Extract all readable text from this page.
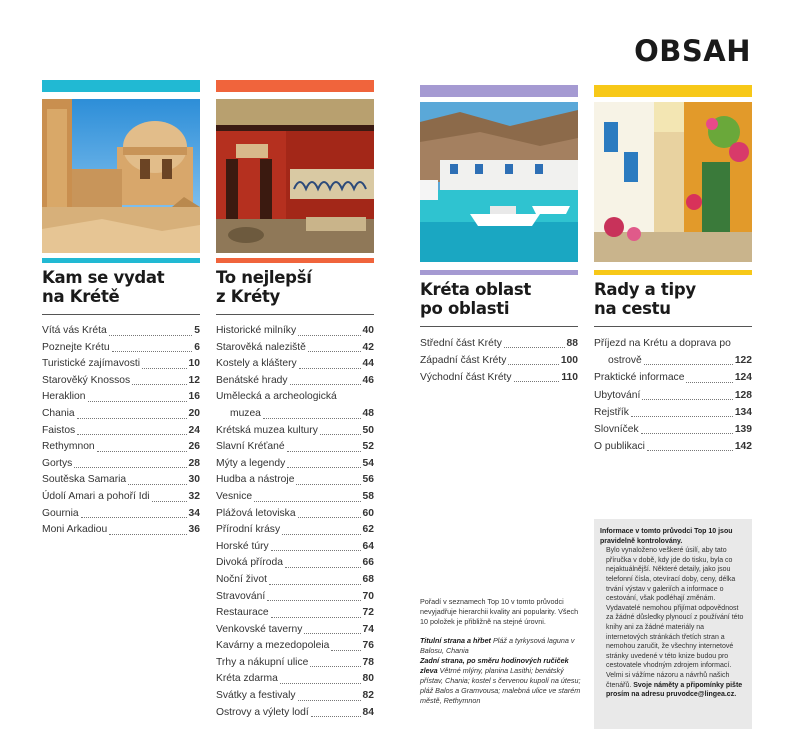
OBSAH
Kam se vydat
na Krétě
Vítá vás Kréta	5
Poznejte Krétu	6
Turistické zajímavosti	10
Starověký Knossos	12
Heraklion	16
Chania	20
Faistos	24
Rethymnon	26
Gortys	28
Soutěska Samaria	30
Údolí Amari a pohoří Idi	32
Gournia	34
Moni Arkadiou	36
To nejlepší
z Kréty
Historické milníky	40
Starověká naleziště	42
Kostely a kláštery	44
Benátské hrady	46
Umělecká a archeologická
muzea	48
Krétská muzea kultury	50
Slavní Kréťané	52
Mýty a legendy	54
Hudba a nástroje	56
Vesnice	58
Plážová letoviska	60
Přírodní krásy	62
Horské túry	64
Divoká příroda	66
Noční život	68
Stravování	70
Restaurace	72
Venkovské taverny	74
Kavárny a mezedopoleia	76
Trhy a nákupní ulice	78
Kréta zdarma	80
Svátky a festivaly	82
Ostrovy a výlety lodí	84
Kréta oblast
po oblasti
Střední část Kréty	88
Západní část Kréty	100
Východní část Kréty	110
Rady a tipy
na cestu
Příjezd na Krétu a doprava po
ostrově	122
Praktické informace	124
Ubytování	128
Rejstřík	134
Slovníček	139
O publikaci	142
Pořadí v seznamech Top 10 v tomto průvodci nevyjadřuje hierarchii kvality ani popularity. Všech 10 položek je přibližně na stejné úrovni.
Titulní strana a hřbet Pláž a tyrkysová laguna v Balosu, Chania
Zadní strana, po směru hodinových ručiček zleva Větrné mlýny, planina Lasithi; benátský přístav, Chania; kostel s červenou kupolí na útesu; pláž Balos a Gramvousa; malebná ulice ve starém městě, Rethymnon
Informace v tomto průvodci Top 10 jsou pravidelně kontrolovány.
Bylo vynaloženo veškeré úsilí, aby tato příručka v době, kdy jde do tisku, byla co nejaktuálnější. Některé detaily, jako jsou telefonní čísla, otevírací doby, ceny, délka trvání výstav v galeriích a informace o cestování, však podléhají změnám. Vydavatelé nemohou přijímat odpovědnost za žádné důsledky plynoucí z používání této knihy ani za žádné materiály na internetových stránkách třetích stran a nemohou zaručit, že všechny internetové stránky uvedené v této knize budou pro cestovatele vhodným zdrojem informací. Velmi si vážíme názoru a návrhů našich čtenářů. Svoje náměty a připomínky pište prosím na adresu pruvodce@lingea.cz.
